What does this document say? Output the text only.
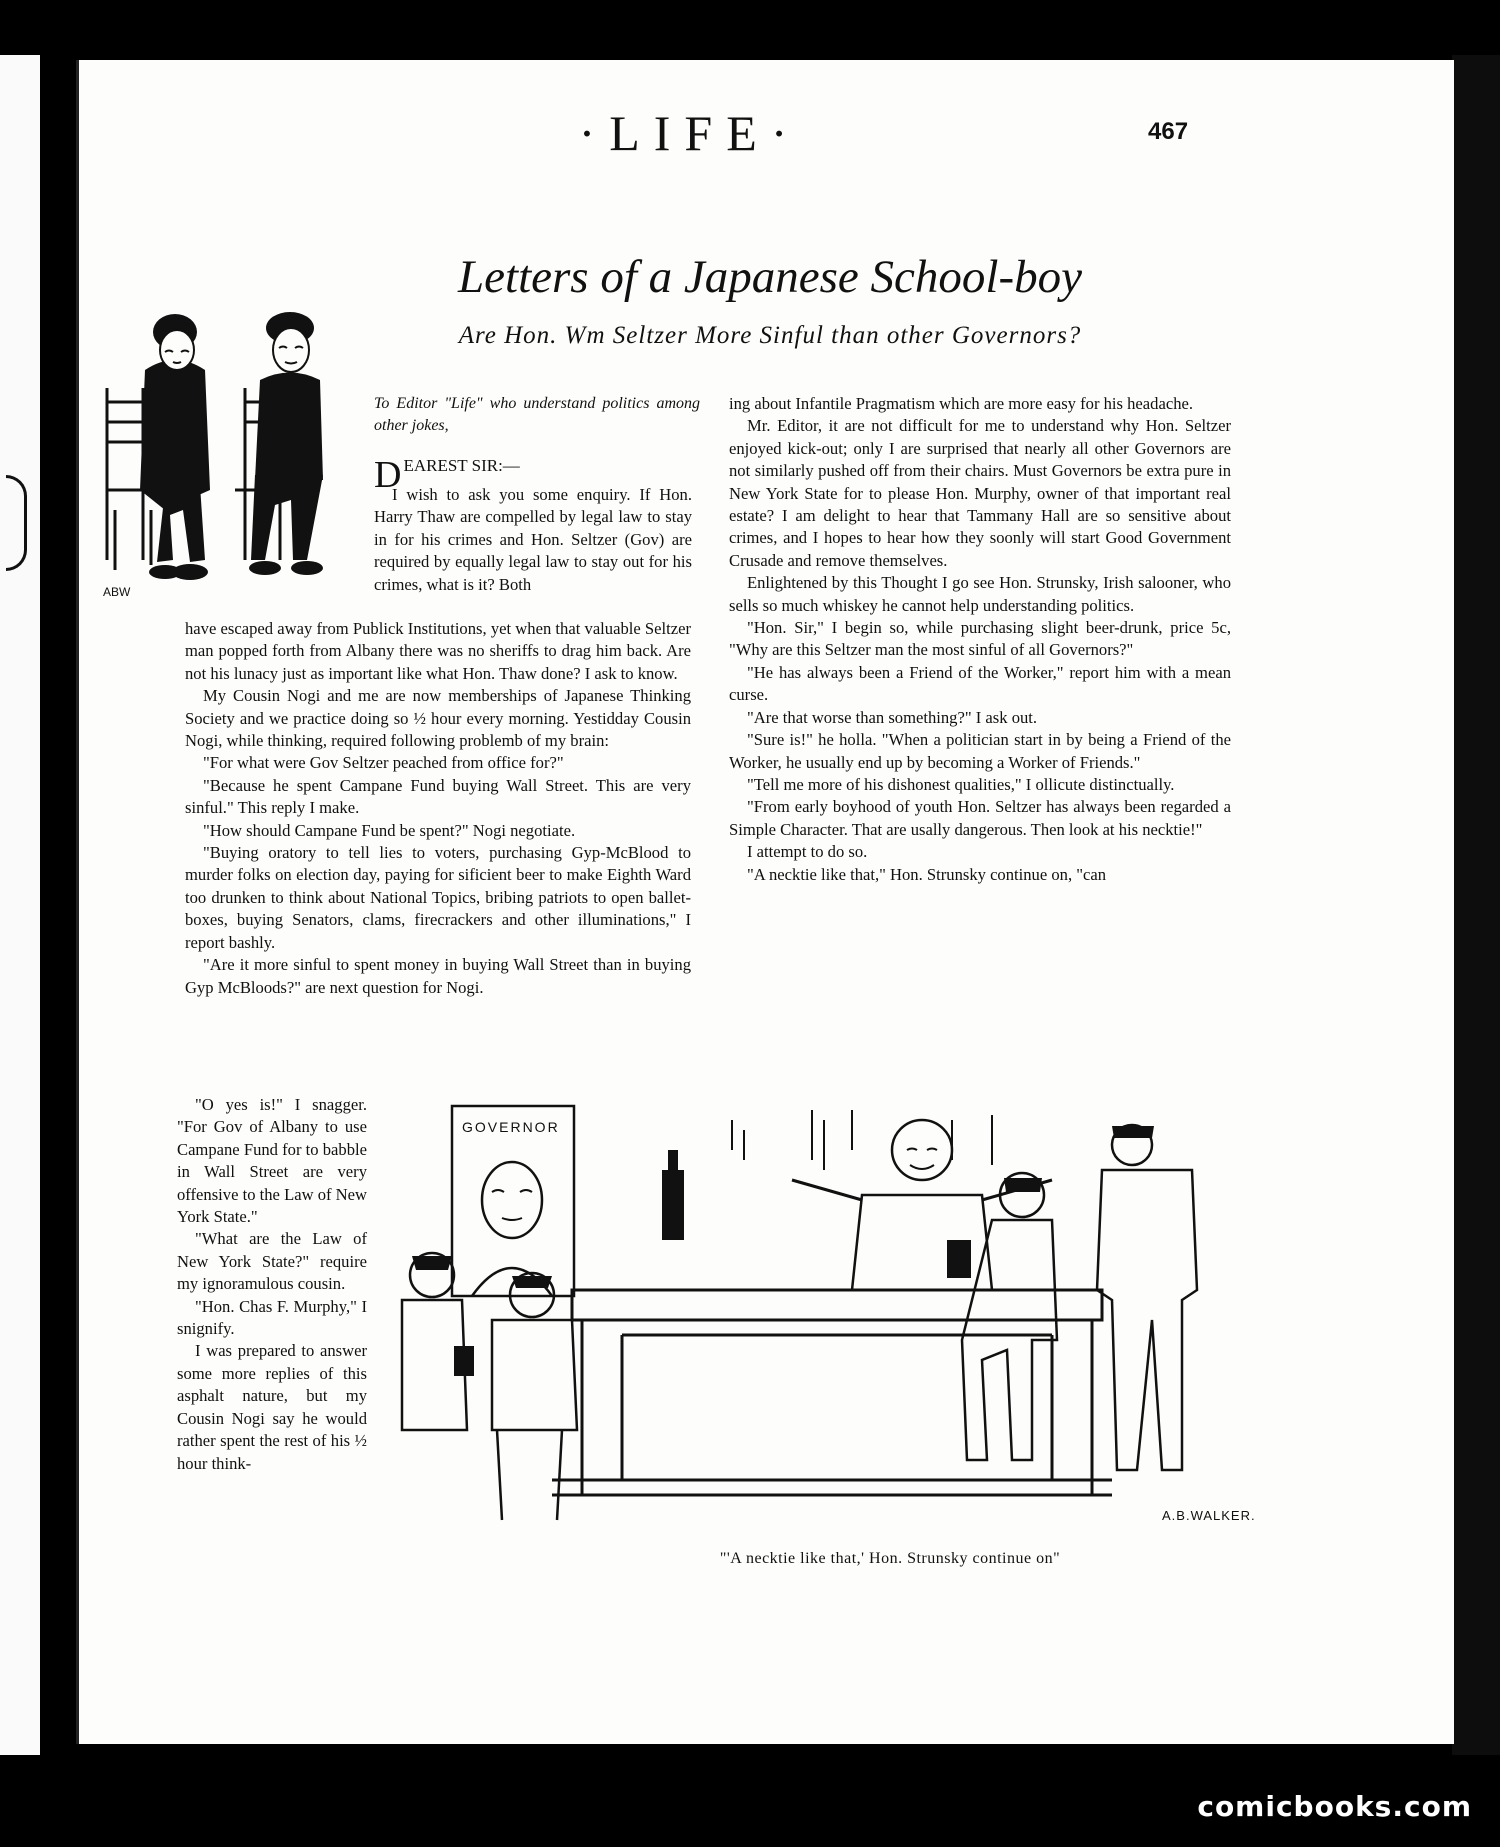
·LIFE·	467
Letters of a Japanese School-boy
Are Hon. Wm Seltzer More Sinful than other Governors?
ABW
To Editor "Life" who understand politics among other jokes,
DEAREST SIR:—

I wish to ask you some enquiry. If Hon. Harry Thaw are compelled by legal law to stay in for his crimes and Hon. Seltzer (Gov) are required by equally legal law to stay out for his crimes, what is it? Both

have escaped away from Publick Institutions, yet when that valuable Seltzer man popped forth from Albany there was no sheriffs to drag him back. Are not his lunacy just as important like what Hon. Thaw done? I ask to know.

My Cousin Nogi and me are now memberships of Japanese Thinking Society and we practice doing so ½ hour every morning. Yestidday Cousin Nogi, while thinking, required following problemb of my brain:

"For what were Gov Seltzer peached from office for?"

"Because he spent Campane Fund buying Wall Street. This are very sinful." This reply I make.

"How should Campane Fund be spent?" Nogi negotiate.

"Buying oratory to tell lies to voters, purchasing Gyp-McBlood to murder folks on election day, paying for sificient beer to make Eighth Ward too drunken to think about National Topics, bribing patriots to open ballet-boxes, buying Senators, clams, firecrackers and other illuminations," I report bashly.

"Are it more sinful to spent money in buying Wall Street than in buying Gyp McBloods?" are next question for Nogi.

"O yes is!" I snagger. "For Gov of Albany to use Campane Fund for to babble in Wall Street are very offensive to the Law of New York State."

"What are the Law of New York State?" require my ignoramulous cousin.

"Hon. Chas F. Murphy," I snignify.

I was prepared to answer some more replies of this asphalt nature, but my Cousin Nogi say he would rather spent the rest of his ½ hour think-

ing about Infantile Pragmatism which are more easy for his headache.

Mr. Editor, it are not difficult for me to understand why Hon. Seltzer enjoyed kick-out; only I are surprised that nearly all other Governors are not similarly pushed off from their chairs. Must Governors be extra pure in New York State for to please Hon. Murphy, owner of that important real estate? I am delight to hear that Tammany Hall are so sensitive about crimes, and I hopes to hear how they soonly will start Good Government Crusade and remove themselves.

Enlightened by this Thought I go see Hon. Strunsky, Irish salooner, who sells so much whiskey he cannot help understanding politics.

"Hon. Sir," I begin so, while purchasing slight beer-drunk, price 5c, "Why are this Seltzer man the most sinful of all Governors?"

"He has always been a Friend of the Worker," report him with a mean curse.

"Are that worse than something?" I ask out.

"Sure is!" he holla. "When a politician start in by being a Friend of the Worker, he usually end up by becoming a Worker of Friends."

"Tell me more of his dishonest qualities," I ollicute distinctually.

"From early boyhood of youth Hon. Seltzer has always been regarded a Simple Character. That are usally dangerous. Then look at his necktie!"

I attempt to do so.

"A necktie like that," Hon. Strunsky continue on, "can

GOVERNOR
A.B.WALKER.
"'A necktie like that,' Hon. Strunsky continue on"
comicbooks.com
